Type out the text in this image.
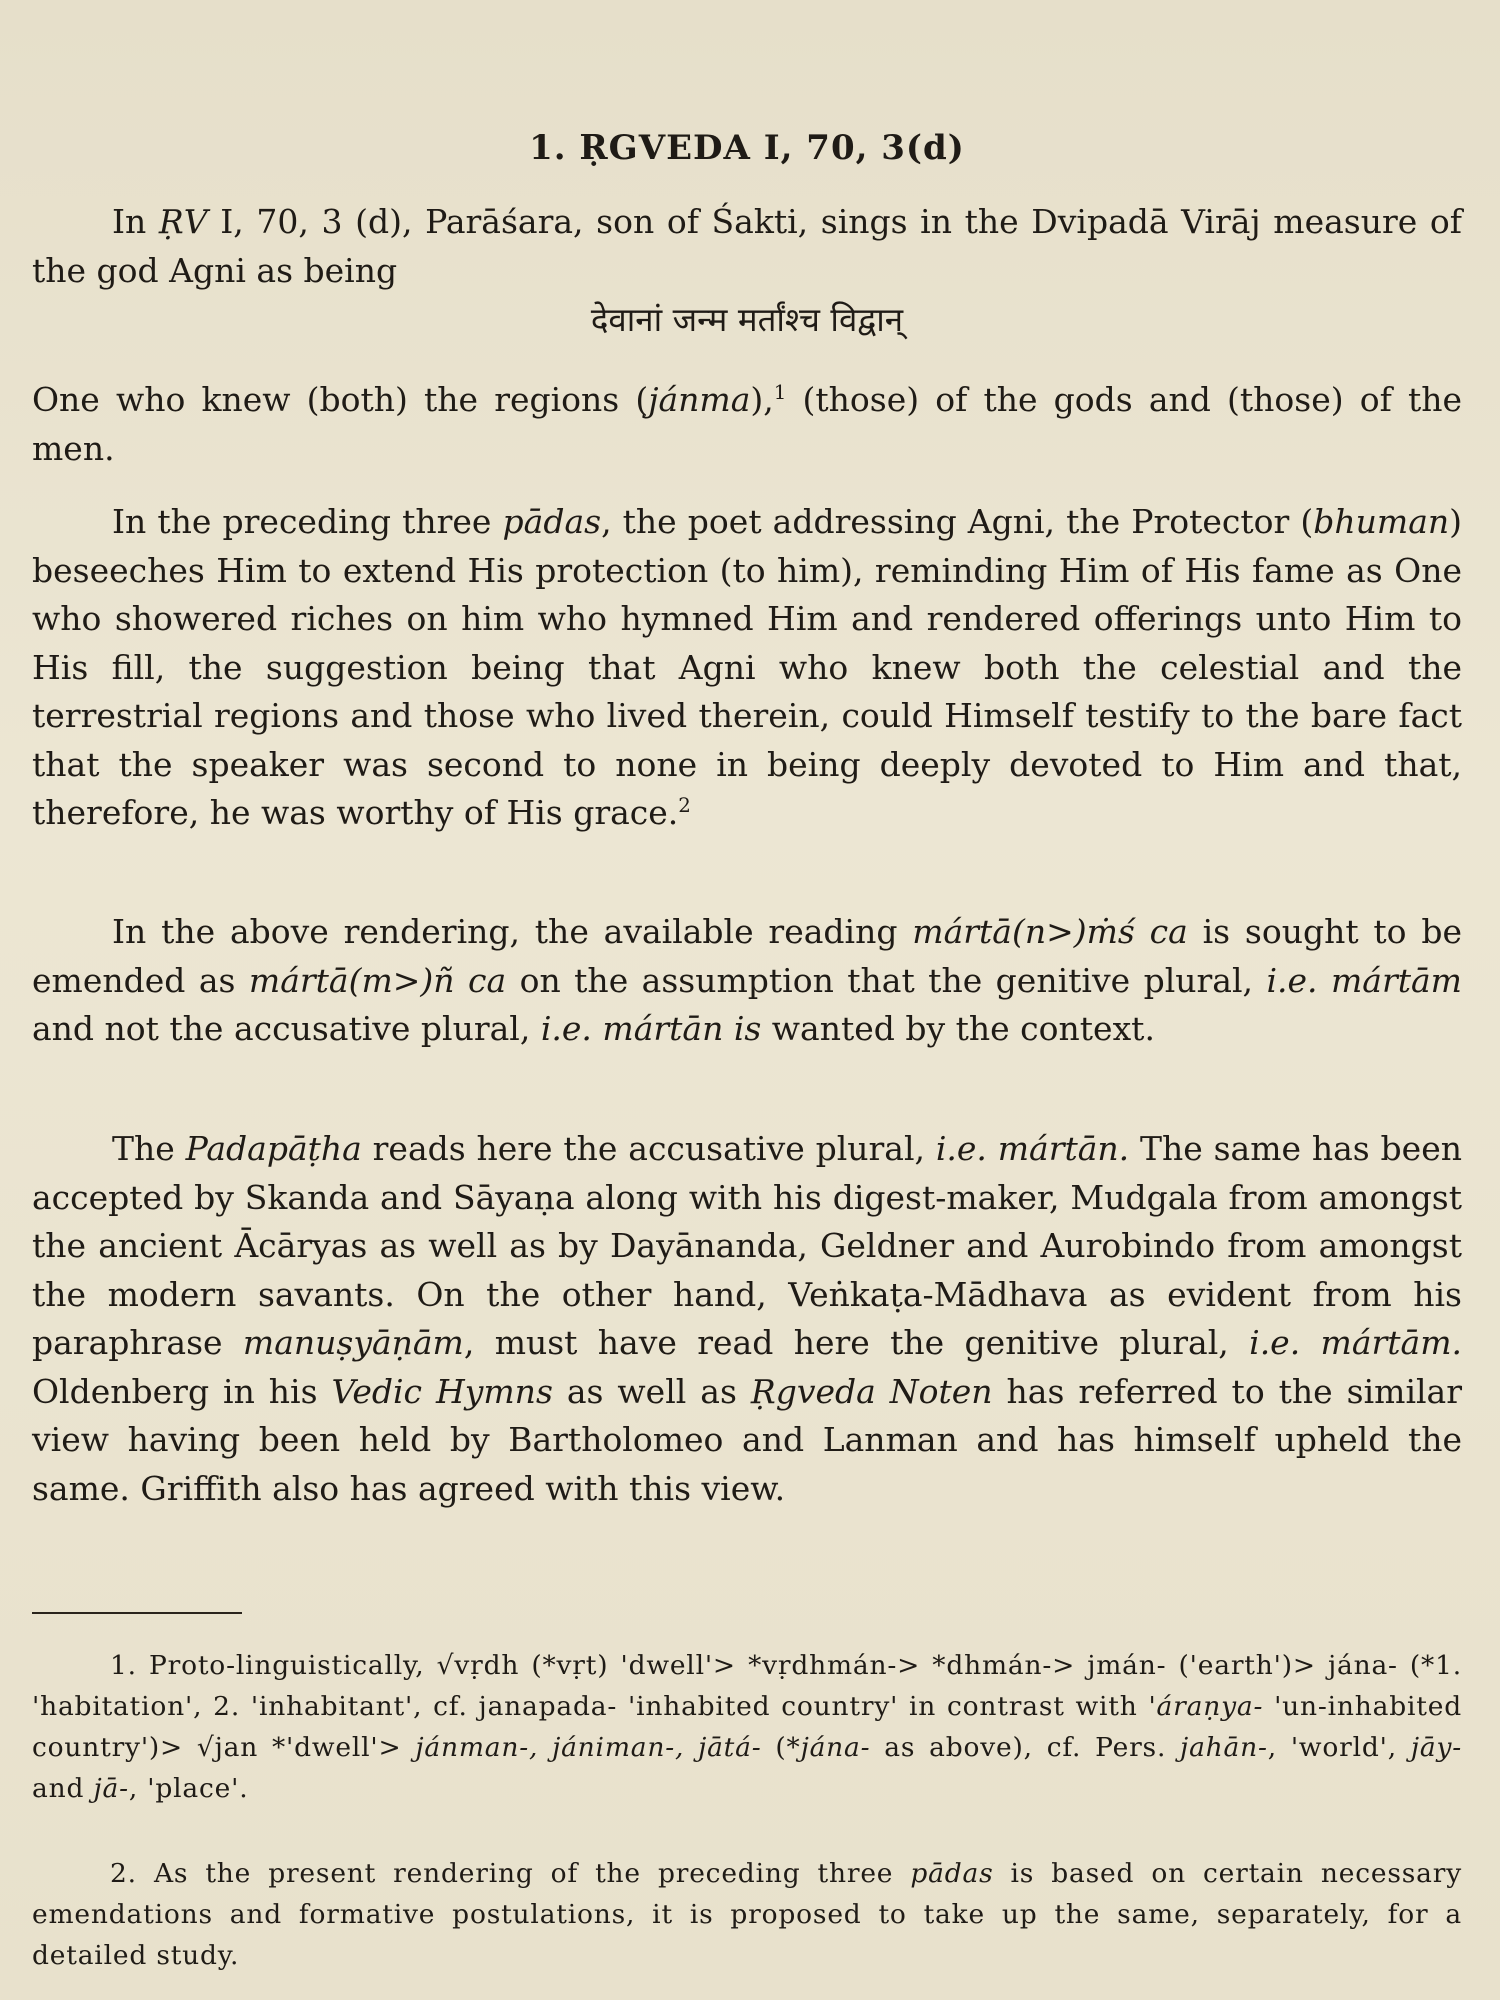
1. ṚGVEDA I, 70, 3(d)
In ṚV I, 70, 3 (d), Parāśara, son of Śakti, sings in the Dvipadā Virāj measure of the god Agni as being
देवानां जन्म मर्तांश्च विद्वान्
One who knew (both) the regions (jánma),$^1$ (those) of the gods and (those) of the men.
In the preceding three pādas, the poet addressing Agni, the Protector (bhuman) beseeches Him to extend His protection (to him), reminding Him of His fame as One who showered riches on him who hymned Him and rendered offerings unto Him to His fill, the suggestion being that Agni who knew both the celestial and the terrestrial regions and those who lived therein, could Himself testify to the bare fact that the speaker was second to none in being deeply devoted to Him and that, therefore, he was worthy of His grace.$^2$
In the above rendering, the available reading mártā(n>)ṁś ca is sought to be emended as mártā(m>)ñ ca on the assumption that the genitive plural, i.e. mártām and not the accusative plural, i.e. mártān is wanted by the context.
The Padapāṭha reads here the accusative plural, i.e. mártān. The same has been accepted by Skanda and Sāyaṇa along with his digest-maker, Mudgala from amongst the ancient Ācāryas as well as by Dayānanda, Geldner and Aurobindo from amongst the modern savants. On the other hand, Veṅkaṭa-Mādhava as evident from his paraphrase manuṣyāṇām, must have read here the genitive plural, i.e. mártām. Oldenberg in his Vedic Hymns as well as Ṛgveda Noten has referred to the similar view having been held by Bartholomeo and Lanman and has himself upheld the same. Griffith also has agreed with this view.
1. Proto-linguistically, √vṛdh (*vṛt) 'dwell'> *vṛdhmán-> *dhmán-> jmán- ('earth')> jána- (*1. 'habitation', 2. 'inhabitant', cf. janapada- 'inhabited country' in contrast with 'áraṇya- 'un-inhabited country')> √jan *'dwell'> jánman-, jániman-, jātá- (*jána- as above), cf. Pers. jahān-, 'world', jāy- and jā-, 'place'.
2. As the present rendering of the preceding three pādas is based on certain necessary emendations and formative postulations, it is proposed to take up the same, separately, for a detailed study.
